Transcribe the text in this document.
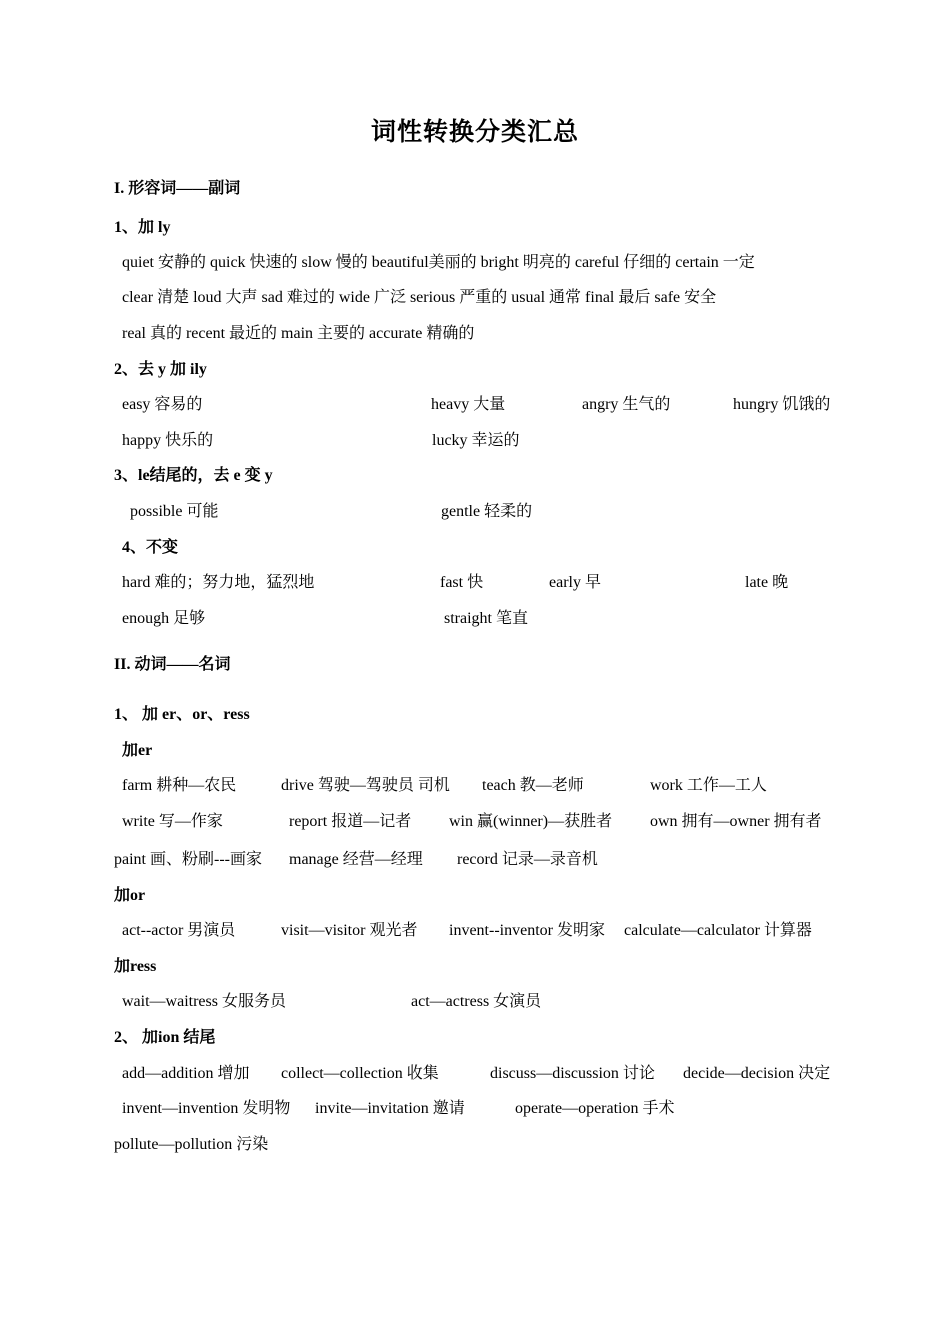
词性转换分类汇总
I. 形容词——副词
1、加 ly
quiet 安静的 quick 快速的 slow 慢的 beautiful美丽的 bright 明亮的 careful 仔细的 certain 一定
clear 清楚 loud 大声 sad 难过的 wide 广泛 serious 严重的 usual 通常 final 最后 safe 安全
real 真的 recent 最近的 main 主要的 accurate 精确的
2、去 y 加 ily
easy 容易的	heavy 大量	angry 生气的	hungry 饥饿的
happy 快乐的	lucky 幸运的
3、le结尾的，去 e 变 y
possible 可能	gentle 轻柔的
4、不变
hard 难的；努力地，猛烈地	fast 快	early 早	late 晚
enough 足够	straight 笔直
II. 动词——名词
1、 加 er、or、ress
加er
farm 耕种—农民	drive 驾驶—驾驶员 司机 teach 教—老师	work 工作—工人
write 写—作家	report 报道—记者 win 赢(winner)—获胜者 own 拥有—owner 拥有者
paint 画、粉刷---画家 manage 经营—经理 record 记录—录音机
加or
act--actor 男演员	visit—visitor 观光者 invent--inventor 发明家 calculate—calculator 计算器
加ress
wait—waitress 女服务员	act—actress 女演员
2、 加ion 结尾
add—addition 增加 collect—collection 收集	discuss—discussion 讨论 decide—decision 决定
invent—invention 发明物 invite—invitation 邀请	operate—operation 手术
pollute—pollution 污染
